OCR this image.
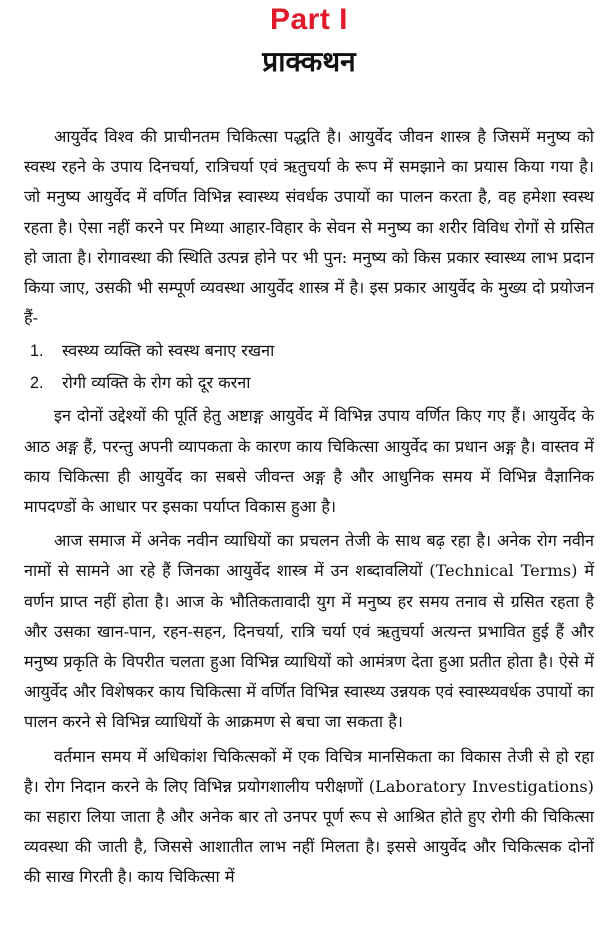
Part I
प्राक्कथन

आयुर्वेद विश्व की प्राचीनतम चिकित्सा पद्धति है। आयुर्वेद जीवन शास्त्र है जिसमें मनुष्य को स्वस्थ रहने के उपाय दिनचर्या, रात्रिचर्या एवं ऋतुचर्या के रूप में समझाने का प्रयास किया गया है। जो मनुष्य आयुर्वेद में वर्णित विभिन्न स्वास्थ्य संवर्धक उपायों का पालन करता है, वह हमेशा स्वस्थ रहता है। ऐसा नहीं करने पर मिथ्या आहार-विहार के सेवन से मनुष्य का शरीर विविध रोगों से ग्रसित हो जाता है। रोगावस्था की स्थिति उत्पन्न होने पर भी पुन: मनुष्य को किस प्रकार स्वास्थ्य लाभ प्रदान किया जाए, उसकी भी सम्पूर्ण व्यवस्था आयुर्वेद शास्त्र में है। इस प्रकार आयुर्वेद के मुख्य दो प्रयोजन हैं-

1.	स्वस्थ्य व्यक्ति को स्वस्थ बनाए रखना
2.	रोगी व्यक्ति के रोग को दूर करना

इन दोनों उद्देश्यों की पूर्ति हेतु अष्टाङ्ग आयुर्वेद में विभिन्न उपाय वर्णित किए गए हैं। आयुर्वेद के आठ अङ्ग हैं, परन्तु अपनी व्यापकता के कारण काय चिकित्सा आयुर्वेद का प्रधान अङ्ग है। वास्तव में काय चिकित्सा ही आयुर्वेद का सबसे जीवन्त अङ्ग है और आधुनिक समय में विभिन्न वैज्ञानिक मापदण्डों के आधार पर इसका पर्याप्त विकास हुआ है।

आज समाज में अनेक नवीन व्याधियों का प्रचलन तेजी के साथ बढ़ रहा है। अनेक रोग नवीन नामों से सामने आ रहे हैं जिनका आयुर्वेद शास्त्र में उन शब्दावलियों (Technical Terms) में वर्णन प्राप्त नहीं होता है। आज के भौतिकतावादी युग में मनुष्य हर समय तनाव से ग्रसित रहता है और उसका खान-पान, रहन-सहन, दिनचर्या, रात्रि चर्या एवं ऋतुचर्या अत्यन्त प्रभावित हुई हैं और मनुष्य प्रकृति के विपरीत चलता हुआ विभिन्न व्याधियों को आमंत्रण देता हुआ प्रतीत होता है। ऐसे में आयुर्वेद और विशेषकर काय चिकित्सा में वर्णित विभिन्न स्वास्थ्य उन्नयक एवं स्वास्थ्यवर्धक उपायों का पालन करने से विभिन्न व्याधियों के आक्रमण से बचा जा सकता है।

वर्तमान समय में अधिकांश चिकित्सकों में एक विचित्र मानसिकता का विकास तेजी से हो रहा है। रोग निदान करने के लिए विभिन्न प्रयोगशालीय परीक्षणों (Laboratory Investigations) का सहारा लिया जाता है और अनेक बार तो उनपर पूर्ण रूप से आश्रित होते हुए रोगी की चिकित्सा व्यवस्था की जाती है, जिससे आशातीत लाभ नहीं मिलता है। इससे आयुर्वेद और चिकित्सक दोनों की साख गिरती है। काय चिकित्सा में
